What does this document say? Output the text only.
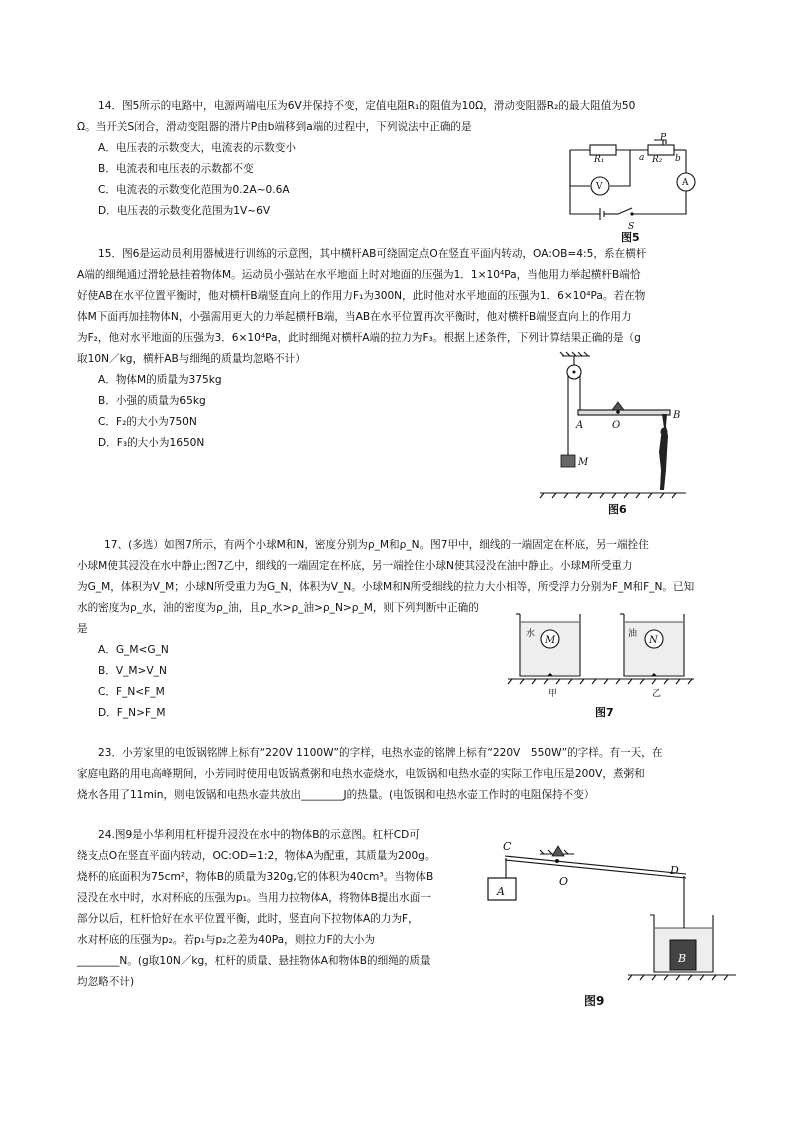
14．图5所示的电路中，电源两端电压为6V并保持不变，定值电阻R₁的阻值为10Ω，滑动变阻器R₂的最大阻值为50
Ω。当开关S闭合，滑动变阻器的滑片P由b端移到a端的过程中，下列说法中正确的是
A．电压表的示数变大，电流表的示数变小
B．电流表和电压表的示数都不变
C．电流表的示数变化范围为0.2A~0.6A
D．电压表的示数变化范围为1V~6V
P
R₁	R₂
a	b
V	A
S
图5
15．图6是运动员利用器械进行训练的示意图，其中横杆AB可绕固定点O在竖直平面内转动，OA:OB=4:5，系在横杆
A端的细绳通过滑轮悬挂着物体M。运动员小强站在水平地面上时对地面的压强为1．1×10⁴Pa，当他用力举起横杆B端恰
好使AB在水平位置平衡时，他对横杆B端竖直向上的作用力F₁为300N，此时他对水平地面的压强为1．6×10⁴Pa。若在物
体M下面再加挂物体N，小强需用更大的力举起横杆B端，当AB在水平位置再次平衡时，他对横杆B端竖直向上的作用力
为F₂，他对水平地面的压强为3．6×10⁴Pa，此时细绳对横杆A端的拉力为F₃。根据上述条件，下列计算结果正确的是（g
取10N／kg，横杆AB与细绳的质量均忽略不计）
A．物体M的质量为375kg
B．小强的质量为65kg
C．F₂的大小为750N
D．F₃的大小为1650N
A	O
B
M
图6
17、(多选）如图7所示，有两个小球M和N，密度分别为ρ_M和ρ_N。图7甲中，细线的一端固定在杯底，另一端拴住
小球M使其浸没在水中静止;图7乙中，细线的一端固定在杯底，另一端拴住小球N使其浸没在油中静止。小球M所受重力
为G_M，体积为V_M；小球N所受重力为G_N，体积为V_N。小球M和N所受细线的拉力大小相等，所受浮力分别为F_M和F_N。已知
水的密度为ρ_水，油的密度为ρ_油，且ρ_水>ρ_油>ρ_N>ρ_M，则下列判断中正确的
是
A．G_M<G_N
B．V_M>V_N
C．F_N<F_M
D．F_N>F_M
M	N
水	油
甲	乙
图7
23．小芳家里的电饭锅铭牌上标有“220V 1100W”的字样，电热水壶的铭牌上标有“220V　550W”的字样。有一天，在
家庭电路的用电高峰期间，小芳同时使用电饭锅煮粥和电热水壶烧水，电饭锅和电热水壶的实际工作电压是200V，煮粥和
烧水各用了11min，则电饭锅和电热水壶共放出________J的热量。(电饭锅和电热水壶工作时的电阻保持不变）
24.图9是小华利用杠杆提升浸没在水中的物体B的示意图。杠杆CD可
绕支点O在竖直平面内转动，OC:OD=1:2，物体A为配重，其质量为200g。
烧杯的底面积为75cm²，物体B的质量为320g,它的体积为40cm³。当物体B
浸没在水中时，水对杯底的压强为p₁。当用力拉物体A，将物体B提出水面一
部分以后，杠杆恰好在水平位置平衡，此时，竖直向下拉物体A的力为F，
水对杯底的压强为p₂。若p₁与p₂之差为40Pa，则拉力F的大小为
________N。(g取10N／kg，杠杆的质量、悬挂物体A和物体B的细绳的质量
均忽略不计)
A
B
C
O
D
图9
